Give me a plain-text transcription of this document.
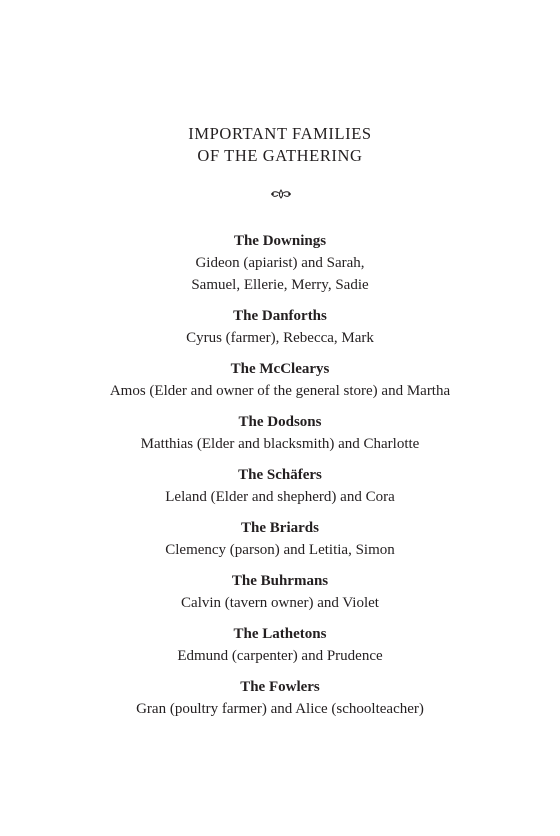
IMPORTANT FAMILIES
OF THE GATHERING
The Downings
Gideon (apiarist) and Sarah,
Samuel, Ellerie, Merry, Sadie
The Danforths
Cyrus (farmer), Rebecca, Mark
The McClearys
Amos (Elder and owner of the general store) and Martha
The Dodsons
Matthias (Elder and blacksmith) and Charlotte
The Schäfers
Leland (Elder and shepherd) and Cora
The Briards
Clemency (parson) and Letitia, Simon
The Buhrmans
Calvin (tavern owner) and Violet
The Lathetons
Edmund (carpenter) and Prudence
The Fowlers
Gran (poultry farmer) and Alice (schoolteacher)
